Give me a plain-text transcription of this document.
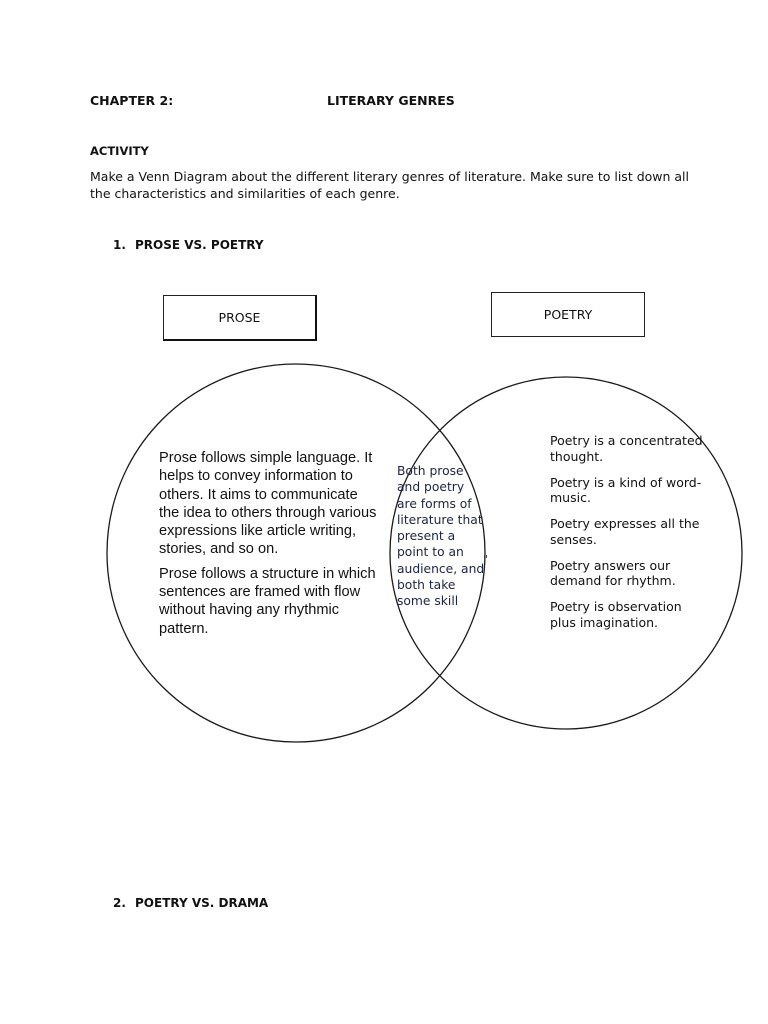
CHAPTER 2:	LITERARY GENRES
ACTIVITY
Make a Venn Diagram about the different literary genres of literature. Make sure to list down all the characteristics and similarities of each genre.
1. PROSE VS. POETRY
PROSE	POETRY

Prose follows simple language. It helps to convey information to others. It aims to communicate the idea to others through various expressions like article writing, stories, and so on.

Prose follows a structure in which sentences are framed with flow without having any rhythmic pattern.

Both prose and poetry are forms of literature that present a point to an audience, and both take some skill
"

Poetry is a concentrated thought.

Poetry is a kind of word-music.

Poetry expresses all the senses.

Poetry answers our demand for rhythm.

Poetry is observation plus imagination.

2. POETRY VS. DRAMA
